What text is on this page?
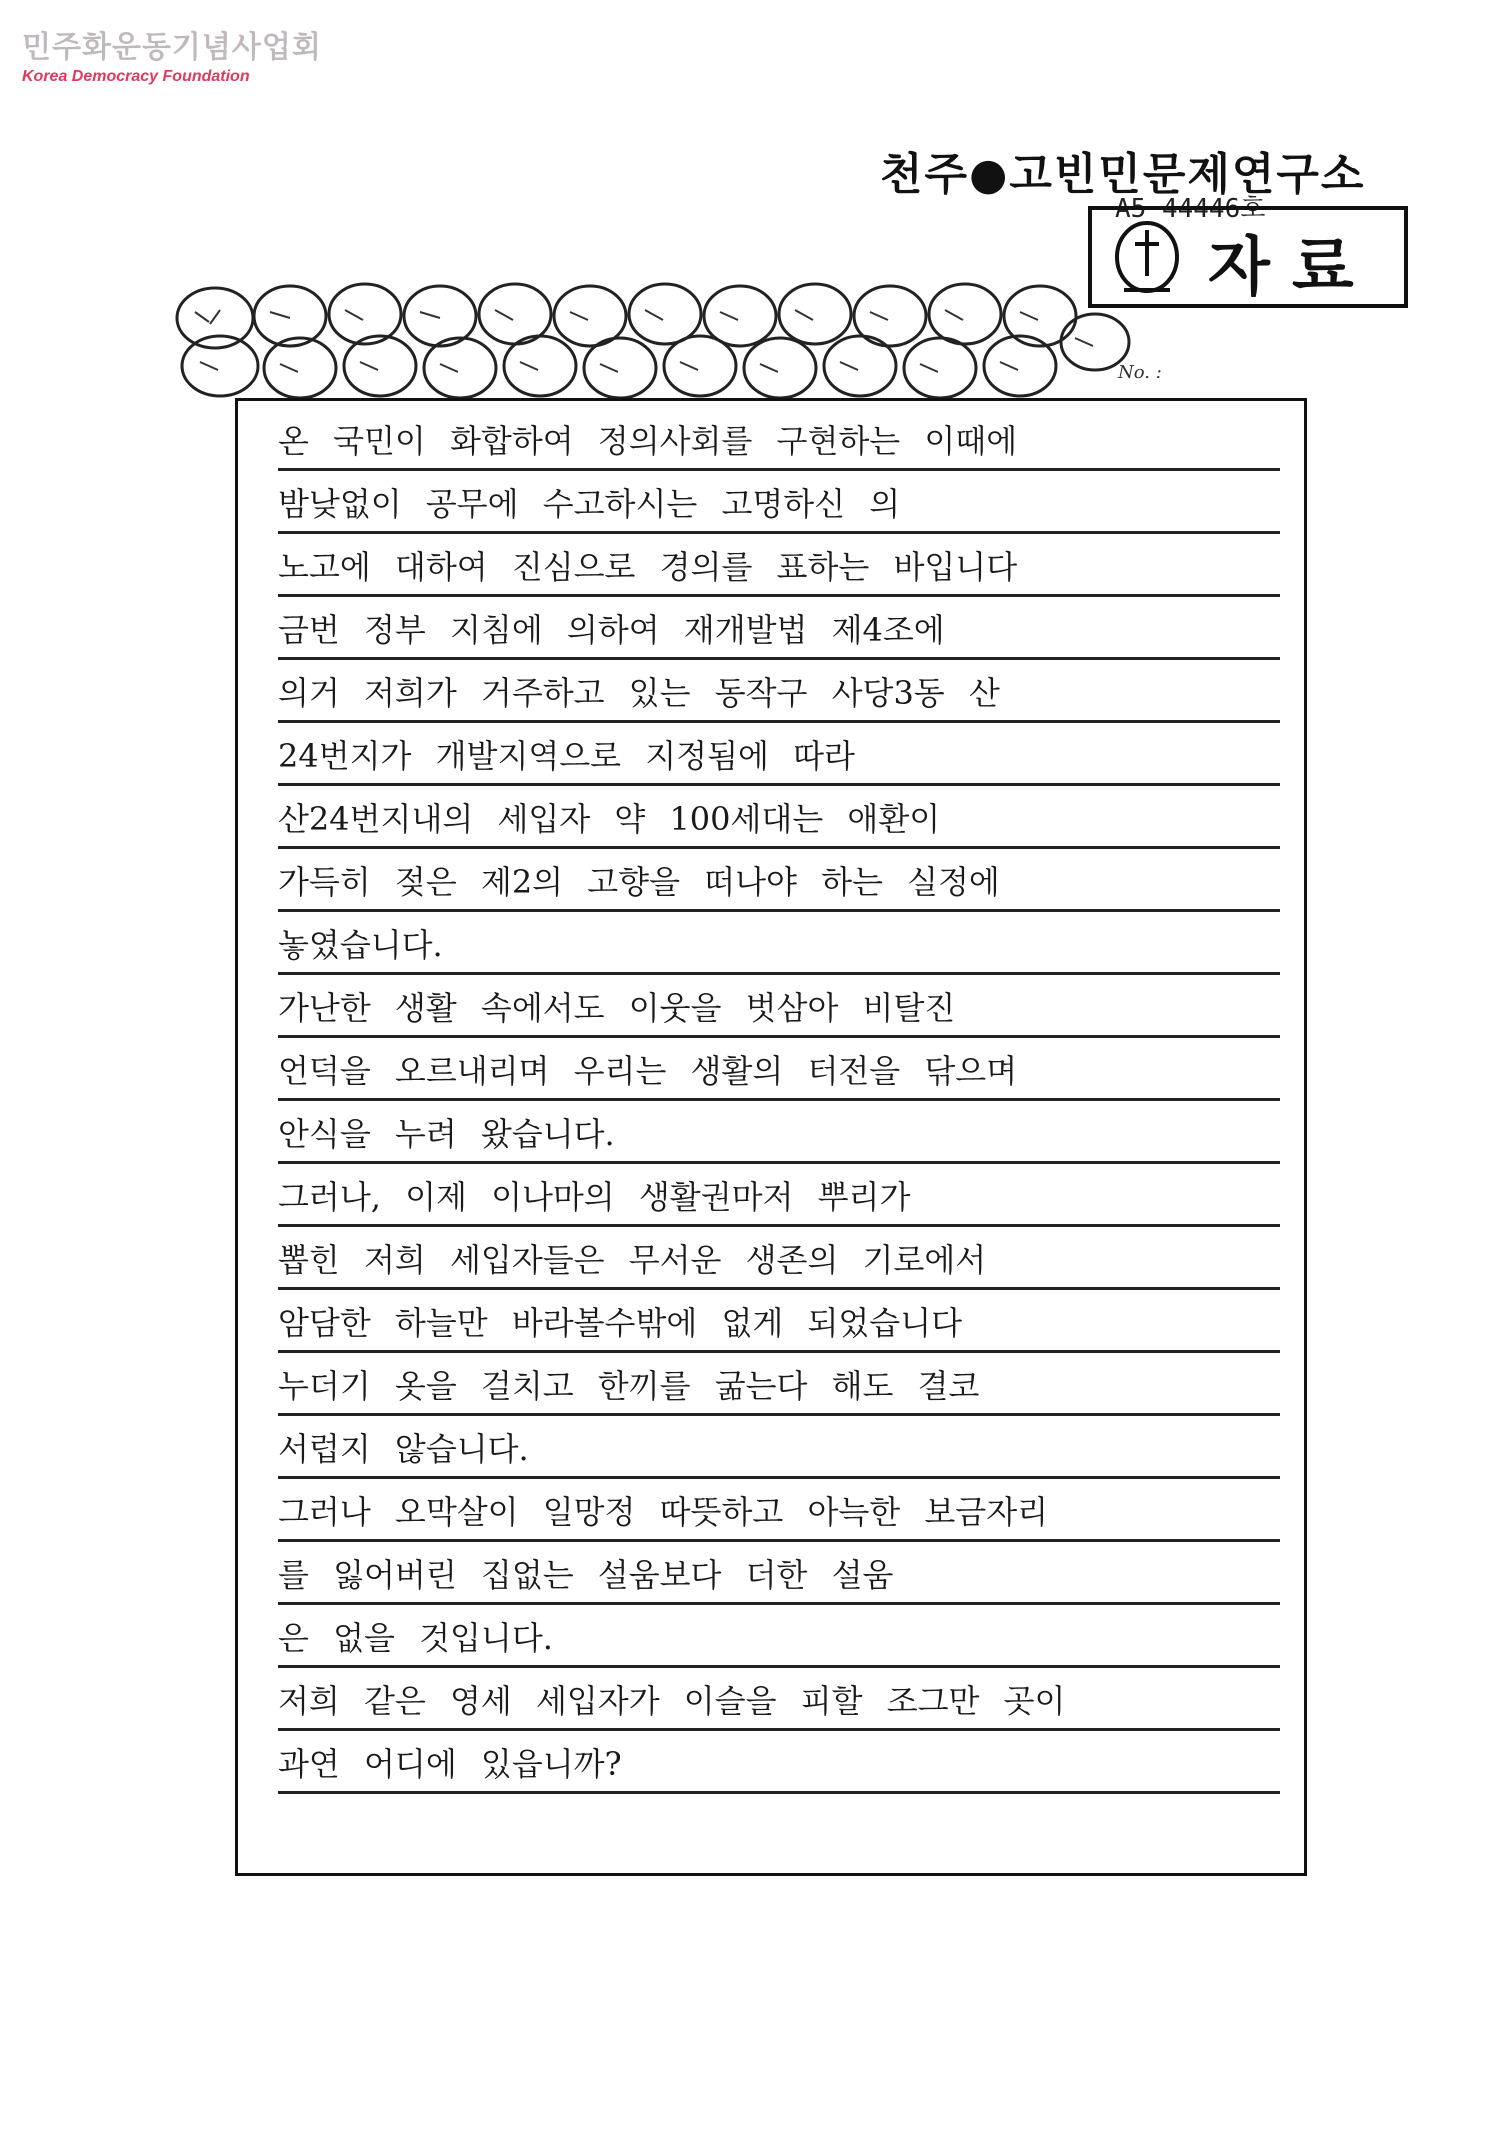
민주화운동기념사업회
Korea Democracy Foundation
천주●고빈민문제연구소
A5 44446호
자료
No. :
온 국민이 화합하여 정의사회를 구현하는 이때에
밤낮없이 공무에 수고하시는 고명하신 의
노고에 대하여 진심으로 경의를 표하는 바입니다
금번 정부 지침에 의하여 재개발법 제4조에
의거 저희가 거주하고 있는 동작구 사당3동 산
24번지가 개발지역으로 지정됨에 따라
산24번지내의 세입자 약 100세대는 애환이
가득히 젖은 제2의 고향을 떠나야 하는 실정에
놓였습니다.
가난한 생활 속에서도 이웃을 벗삼아 비탈진
언덕을 오르내리며 우리는 생활의 터전을 닦으며
안식을 누려 왔습니다.
그러나, 이제 이나마의 생활권마저 뿌리가
뽑힌 저희 세입자들은 무서운 생존의 기로에서
암담한 하늘만 바라볼수밖에 없게 되었습니다
누더기 옷을 걸치고 한끼를 굶는다 해도 결코
서럽지 않습니다.
그러나 오막살이 일망정 따뜻하고 아늑한 보금자리
를 잃어버린 집없는 설움보다 더한 설움
은 없을 것입니다.
저희 같은 영세 세입자가 이슬을 피할 조그만 곳이
과연 어디에 있읍니까?
